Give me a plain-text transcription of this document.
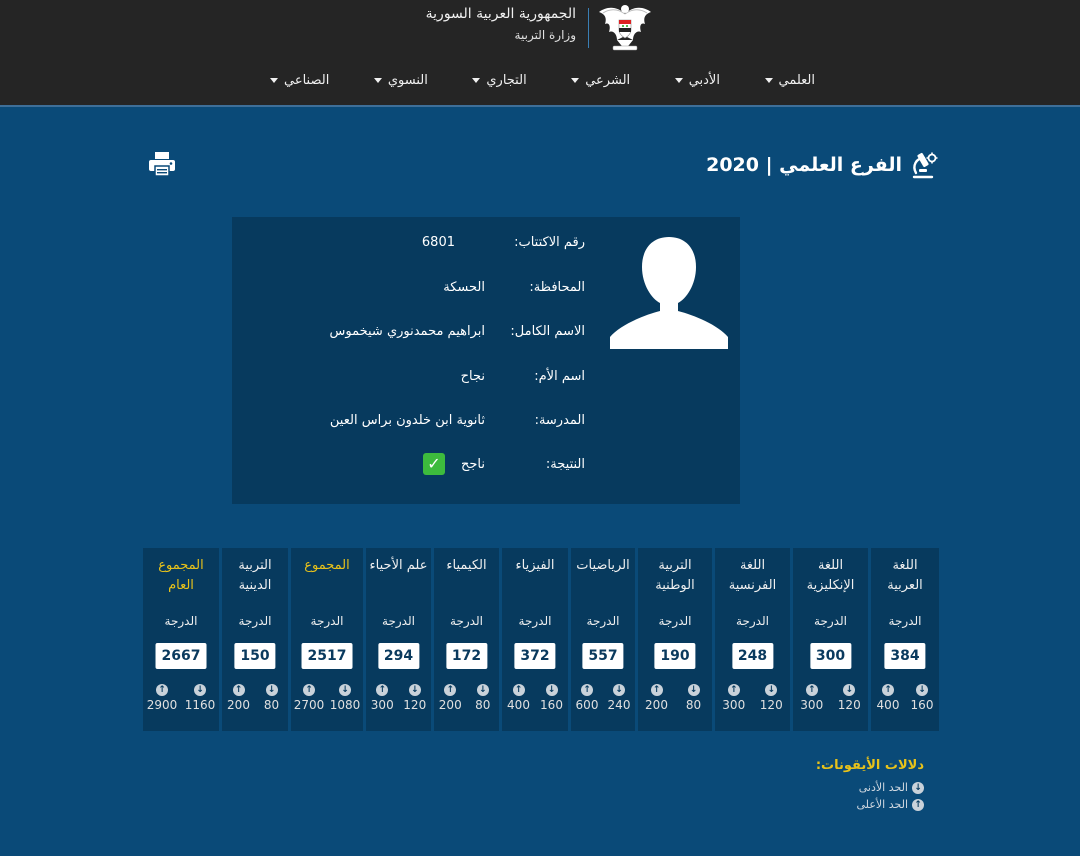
الجمهورية العربية السورية
وزارة التربية
العلمي
الأدبي
الشرعي
التجاري
النسوي
الصناعي
الفرع العلمي | 2020
رقم الاكتتاب:
6801
المحافظة:
الحسكة
الاسم الكامل:
ابراهيم محمدنوري شيخموس
اسم الأم:
نجاح
المدرسة:
ثانوية ابن خلدون براس العين
النتيجة:
ناجح
✓
اللغة
العربية
الدرجة
384
↑
400
↓
160
اللغة
الإنكليزية
الدرجة
300
↑
300
↓
120
اللغة
الفرنسية
الدرجة
248
↑
300
↓
120
التربية
الوطنية
الدرجة
190
↑
200
↓
80
الرياضيات
الدرجة
557
↑
600
↓
240
الفيزياء
الدرجة
372
↑
400
↓
160
الكيمياء
الدرجة
172
↑
200
↓
80
علم الأحياء
الدرجة
294
↑
300
↓
120
المجموع
الدرجة
2517
↑
2700
↓
1080
التربية
الدينية
الدرجة
150
↑
200
↓
80
المجموع
العام
الدرجة
2667
↑
2900
↓
1160
دلالات الأيقونات:
↓
الحد الأدنى
↑
الحد الأعلى
